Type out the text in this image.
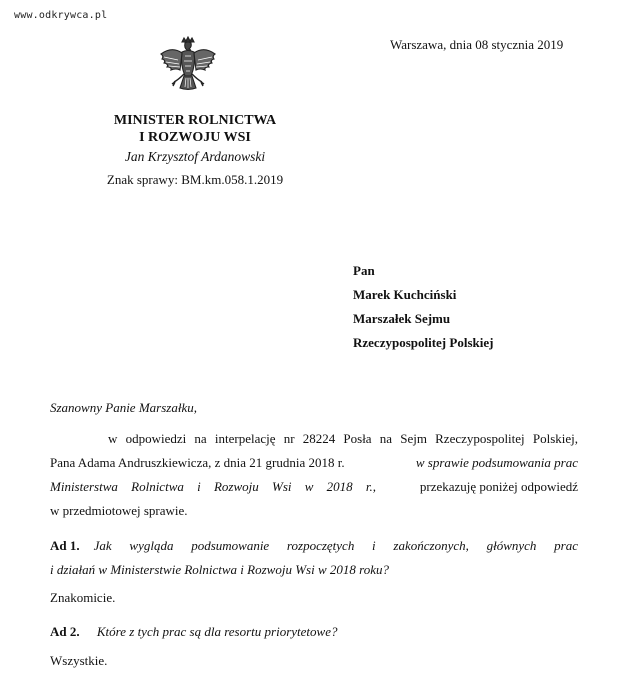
www.odkrywca.pl
Warszawa, dnia 08 stycznia 2019
MINISTER ROLNICTWA
I ROZWOJU WSI
Jan Krzysztof Ardanowski
Znak sprawy: BM.km.058.1.2019
Pan
Marek Kuchciński
Marszałek Sejmu
Rzeczypospolitej Polskiej
Szanowny Panie Marszałku,
w odpowiedzi na interpelację nr 28224 Posła na Sejm Rzeczypospolitej Polskiej,
Pana Adama Andruszkiewicza, z dnia 21 grudnia 2018 r.	w sprawie podsumowania prac
Ministerstwa Rolnictwa i Rozwoju Wsi w 2018 r.,	przekazuję poniżej odpowiedź
w przedmiotowej sprawie.
Ad 1. Jak wygląda podsumowanie rozpoczętych i zakończonych, głównych prac
i działań w Ministerstwie Rolnictwa i Rozwoju Wsi w 2018 roku?
Znakomicie.
Ad 2. Które z tych prac są dla resortu priorytetowe?
Wszystkie.
